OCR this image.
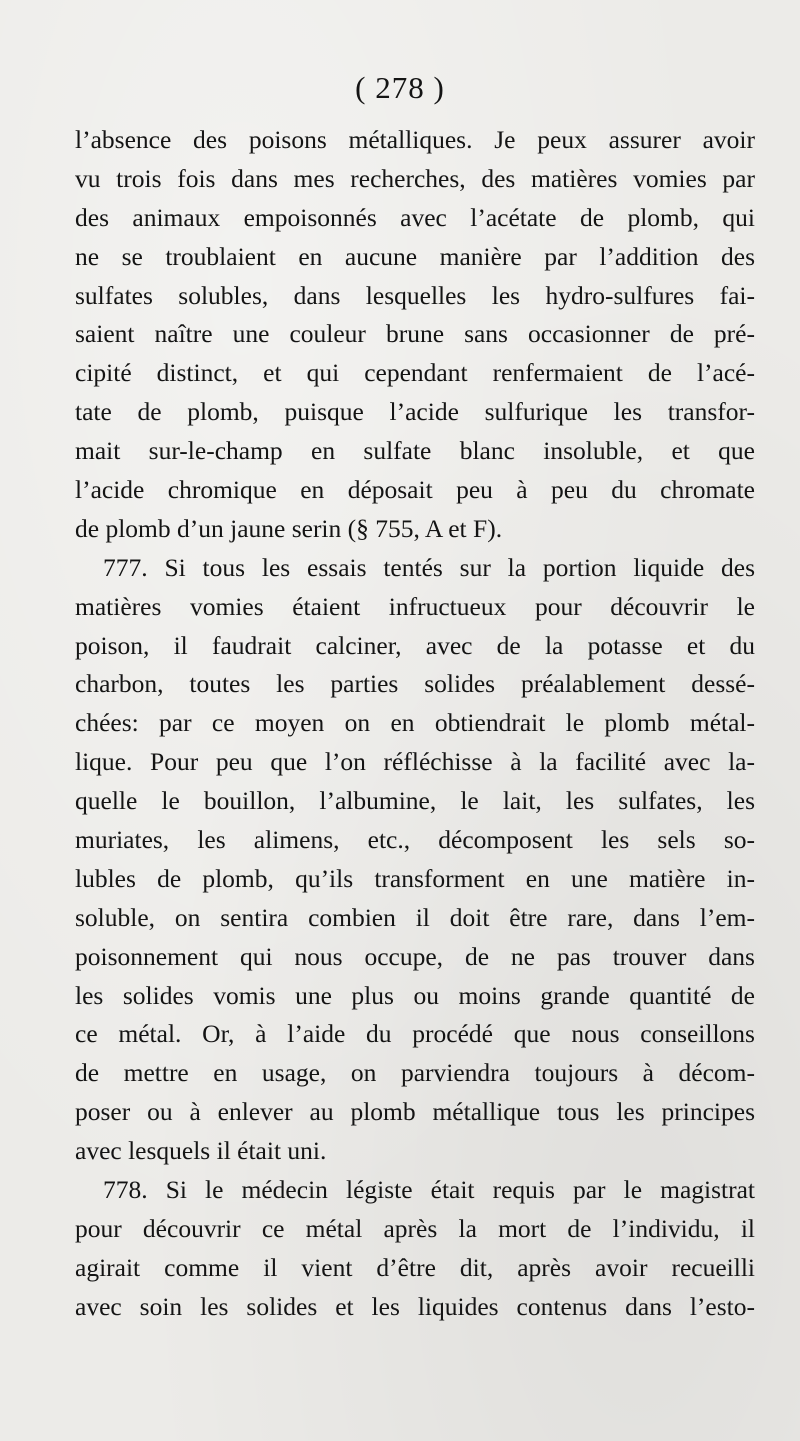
( 278 )
l’absence des poisons métalliques. Je peux assurer avoir
vu trois fois dans mes recherches, des matières vomies par
des animaux empoisonnés avec l’acétate de plomb, qui
ne se troublaient en aucune manière par l’addition des
sulfates solubles, dans lesquelles les hydro-sulfures fai-
saient naître une couleur brune sans occasionner de pré-
cipité distinct, et qui cependant renfermaient de l’acé-
tate de plomb, puisque l’acide sulfurique les transfor-
mait sur-le-champ en sulfate blanc insoluble, et que
l’acide chromique en déposait peu à peu du chromate
de plomb d’un jaune serin (§ 755, A et F).
777. Si tous les essais tentés sur la portion liquide des
matières vomies étaient infructueux pour découvrir le
poison, il faudrait calciner, avec de la potasse et du
charbon, toutes les parties solides préalablement dessé-
chées: par ce moyen on en obtiendrait le plomb métal-
lique. Pour peu que l’on réfléchisse à la facilité avec la-
quelle le bouillon, l’albumine, le lait, les sulfates, les
muriates, les alimens, etc., décomposent les sels so-
lubles de plomb, qu’ils transforment en une matière in-
soluble, on sentira combien il doit être rare, dans l’em-
poisonnement qui nous occupe, de ne pas trouver dans
les solides vomis une plus ou moins grande quantité de
ce métal. Or, à l’aide du procédé que nous conseillons
de mettre en usage, on parviendra toujours à décom-
poser ou à enlever au plomb métallique tous les principes
avec lesquels il était uni.
778. Si le médecin légiste était requis par le magistrat
pour découvrir ce métal après la mort de l’individu, il
agirait comme il vient d’être dit, après avoir recueilli
avec soin les solides et les liquides contenus dans l’esto-
